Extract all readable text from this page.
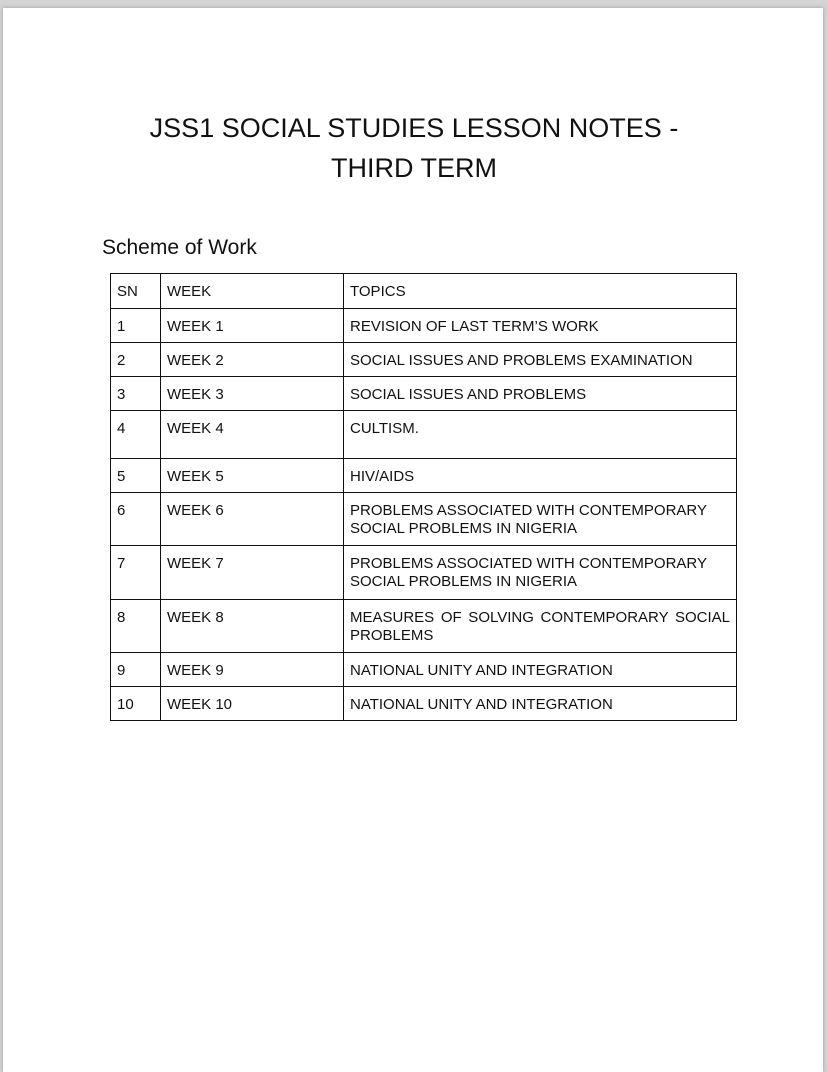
JSS1 SOCIAL STUDIES LESSON NOTES -
THIRD TERM
Scheme of Work
SN	WEEK	TOPICS
1	WEEK 1	REVISION OF LAST TERM’S WORK
2	WEEK 2	SOCIAL ISSUES AND PROBLEMS EXAMINATION
3	WEEK 3	SOCIAL ISSUES AND PROBLEMS
4	WEEK 4	CULTISM.
5	WEEK 5	HIV/AIDS
6	WEEK 6	PROBLEMS ASSOCIATED WITH CONTEMPORARY SOCIAL PROBLEMS IN NIGERIA
7	WEEK 7	PROBLEMS ASSOCIATED WITH CONTEMPORARY SOCIAL PROBLEMS IN NIGERIA
8	WEEK 8	MEASURES OF SOLVING CONTEMPORARY SOCIAL PROBLEMS
9	WEEK 9	NATIONAL UNITY AND INTEGRATION
10	WEEK 10	NATIONAL UNITY AND INTEGRATION
